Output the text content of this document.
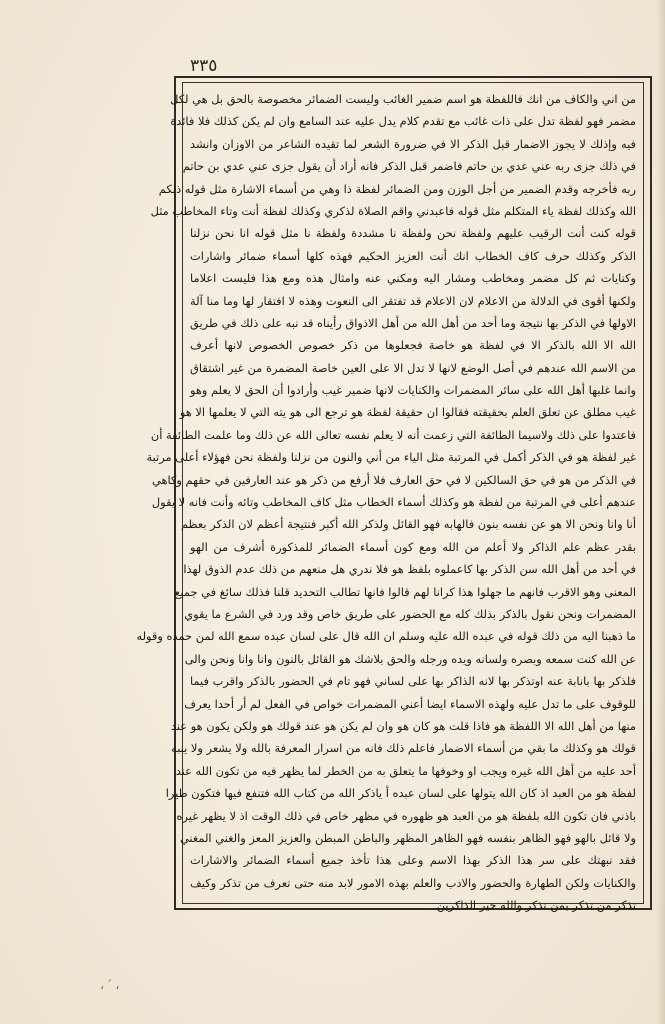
٣٣٥
من اني والكاف من انك فاللفظة هو اسم ضمير الغائب وليست الضمائر مخصوصة بالحق بل هي لكل
مضمر فهو لفظة تدل على ذات غائب مع تقدم كلام يدل عليه عند السامع وان لم يكن كذلك فلا فائدة
فيه وإذلك لا يجوز الاضمار قبل الذكر الا في ضرورة الشعر لما تقيده الشاعر من الاوزان وانشد
في ذلك جزى ربه عني عدي بن حاتم فاضمر قبل الذكر فانه أراد أن يقول جزى عني عدي بن حاتم
ربه فأخرجه وقدم الضمير من أجل الوزن ومن الضمائر لفظة ذا وهي من أسماء الاشارة مثل قوله ذلكم
الله وكذلك لفظة ياء المتكلم مثل قوله فاعبدني واقم الصلاة لذكري وكذلك لفظة أنت وتاء المخاطب مثل
قوله كنت أنت الرقيب عليهم ولفظة نحن ولفظة نا مشددة ولفظة نا مثل قوله انا نحن نزلنا
الذكر وكذلك حرف كاف الخطاب انك أنت العزيز الحكيم فهذه كلها أسماء ضمائر واشارات
وكنايات ثم كل مضمر ومخاطب ومشار اليه ومكني عنه وامثال هذه ومع هذا فليست اعلاما
ولكنها أقوى في الدلالة من الاعلام لان الاعلام قد تفتقر الى النعوت وهذه لا افتقار لها وما منا آلة
الاولها في الذكر بها نتيجة وما أحد من أهل الله من أهل الاذواق رأيناه قد نبه على ذلك في طريق
الله الا الله بالذكر الا في لفظة هو خاصة فجعلوها من ذكر خصوص الخصوص لانها أعرف
من الاسم الله عندهم في أصل الوضع لانها لا تدل الا على العين خاصة المضمرة من غير اشتقاق
وانما غلبها أهل الله على سائر المضمرات والكنايات لانها ضمير غيب وأرادوا أن الحق لا يعلم وهو
غيب مطلق عن تعلق العلم بحقيقته فقالوا ان حقيقة لفظة هو ترجع الى هو يته التي لا يعلمها الا هو
فاعتدوا على ذلك ولاسيما الطائفة التي زعمت أنه لا يعلم نفسه تعالى الله عن ذلك وما علمت الطائفة أن
غير لفظة هو في الذكر أكمل في المرتبة مثل الياء من أني والنون من نزلنا ولفظة نحن فهؤلاء أعلى مرتبة
في الذكر من هو في حق السالكين لا في حق العارف فلا أرفع من ذكر هو عند العارفين في حقهم وكاهي
عندهم أعلى في المرتبة من لفظة هو وكذلك أسماء الخطاب مثل كاف المخاطب وتائه وأنت فانه لا يقول
أنا وانا ونحن الا هو عن نفسه بنون فالهابه فهو القائل ولذكر الله أكبر فنتيجة أعظم لان الذكر بعظم
بقدر عظم علم الذاكر ولا أعلم من الله ومع كون أسماء الضمائر للمذكورة أشرف من الهو
في أحد من أهل الله سن الذكر بها كاعملوه بلفظ هو فلا ندري هل منعهم من ذلك عدم الذوق لهذا
المعنى وهو الاقرب فانهم ما جهلوا هذا كرانا لهم قالوا فانها تطالب التحديد قلنا فذلك سائغ في جميع
المضمرات ونحن نقول بالذكر بذلك كله مع الحضور على طريق خاص وقد ورد في الشرع ما يقوي
ما ذهبنا اليه من ذلك قوله في عبده الله عليه وسلم ان الله قال على لسان عبده سمع الله لمن حمده وقوله
عن الله كنت سمعه وبصره ولسانه ويده ورجله والحق بلاشك هو القائل بالنون وانا وانا ونحن والى
فلذكر بها بانابة عنه اوتذكر بها لانه الذاكر بها على لساني فهو تام في الحضور بالذكر واقرب فيما
للوقوف على ما تدل عليه ولهذه الاسماء ايضا أعني المضمرات خواص في الفعل لم أر أحدا يعرف
منها من أهل الله الا اللفظة هو فاذا قلت هو كان هو وان لم يكن هو عند قولك هو ولكن يكون هو عند
قولك هو وكذلك ما بقي من أسماء الاضمار فاعلم ذلك فانه من اسرار المعرفة بالله ولا يشعر ولا ينبه
أحد عليه من أهل الله غيره ويجب او وخوفها ما يتعلق به من الخطر لما يظهر فيه من تكون الله عند
لفظة هو من العبد اذ كان الله يتولها على لسان عبده أ ياذكر الله من كتاب الله فتنفع فيها فتكون طيرا
باذني فان تكون الله بلفظة هو من العبد هو ظهوره في مظهر خاص في ذلك الوقت اذ لا يظهر غيره
ولا قائل بالهو فهو الظاهر بنفسه فهو الظاهر المظهر والباطن المبطن والعزيز المعز والغني المغني
فقد نبهتك على سر هذا الذكر بهذا الاسم وعلى هذا تأخذ جميع أسماء الضمائر والاشارات
والكنايات ولكن الطهارة والحضور والادب والعلم بهذه الامور لابد منه حتى تعرف من تذكر وكيف
تذكر من تذكر بمن تذكر والله خير الذاكرين
، ′ ،
